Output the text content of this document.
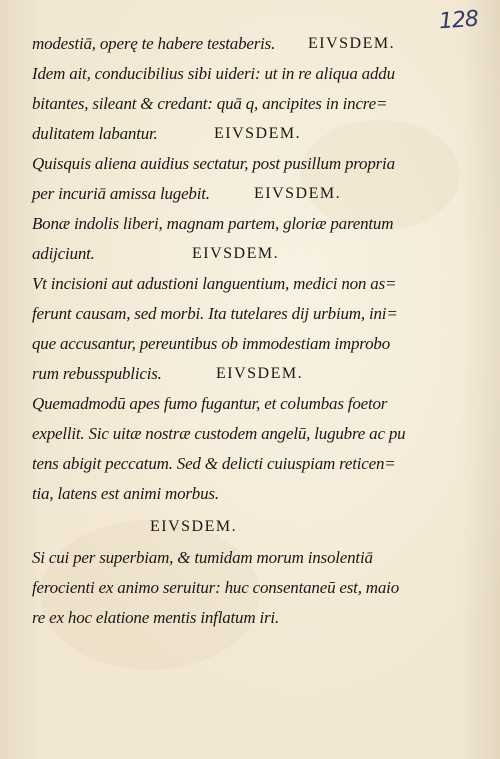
128
modestiā, operę te habere testaberis. EIVSDEM.
Idem ait, conducibilius sibi uideri: ut in re aliqua addu
bitantes, sileant & credant: quā q, ancipites in incre=
dulitatem labantur.	EIVSDEM.
Quisquis aliena auidius sectatur, post pusillum propria
per incuriā amissa lugebit.	EIVSDEM.
Bonæ indolis liberi, magnam partem, gloriæ parentum
adijciunt.	EIVSDEM.
Vt incisioni aut adustioni languentium, medici non as=
ferunt causam, sed morbi. Ita tutelares dij urbium, ini=
que accusantur, pereuntibus ob immodestiam improbo
rum rebusspublicis.	EIVSDEM.
Quemadmodū apes fumo fugantur, et columbas foetor
expellit. Sic uitæ nostræ custodem angelū, lugubre ac pu
tens abigit peccatum. Sed & delicti cuiuspiam reticen=
tia, latens est animi morbus.
EIVSDEM.
Si cui per superbiam, & tumidam morum insolentiā
ferocienti ex animo seruitur: huc consentaneū est, maio
re ex hoc elatione mentis inflatum iri.
